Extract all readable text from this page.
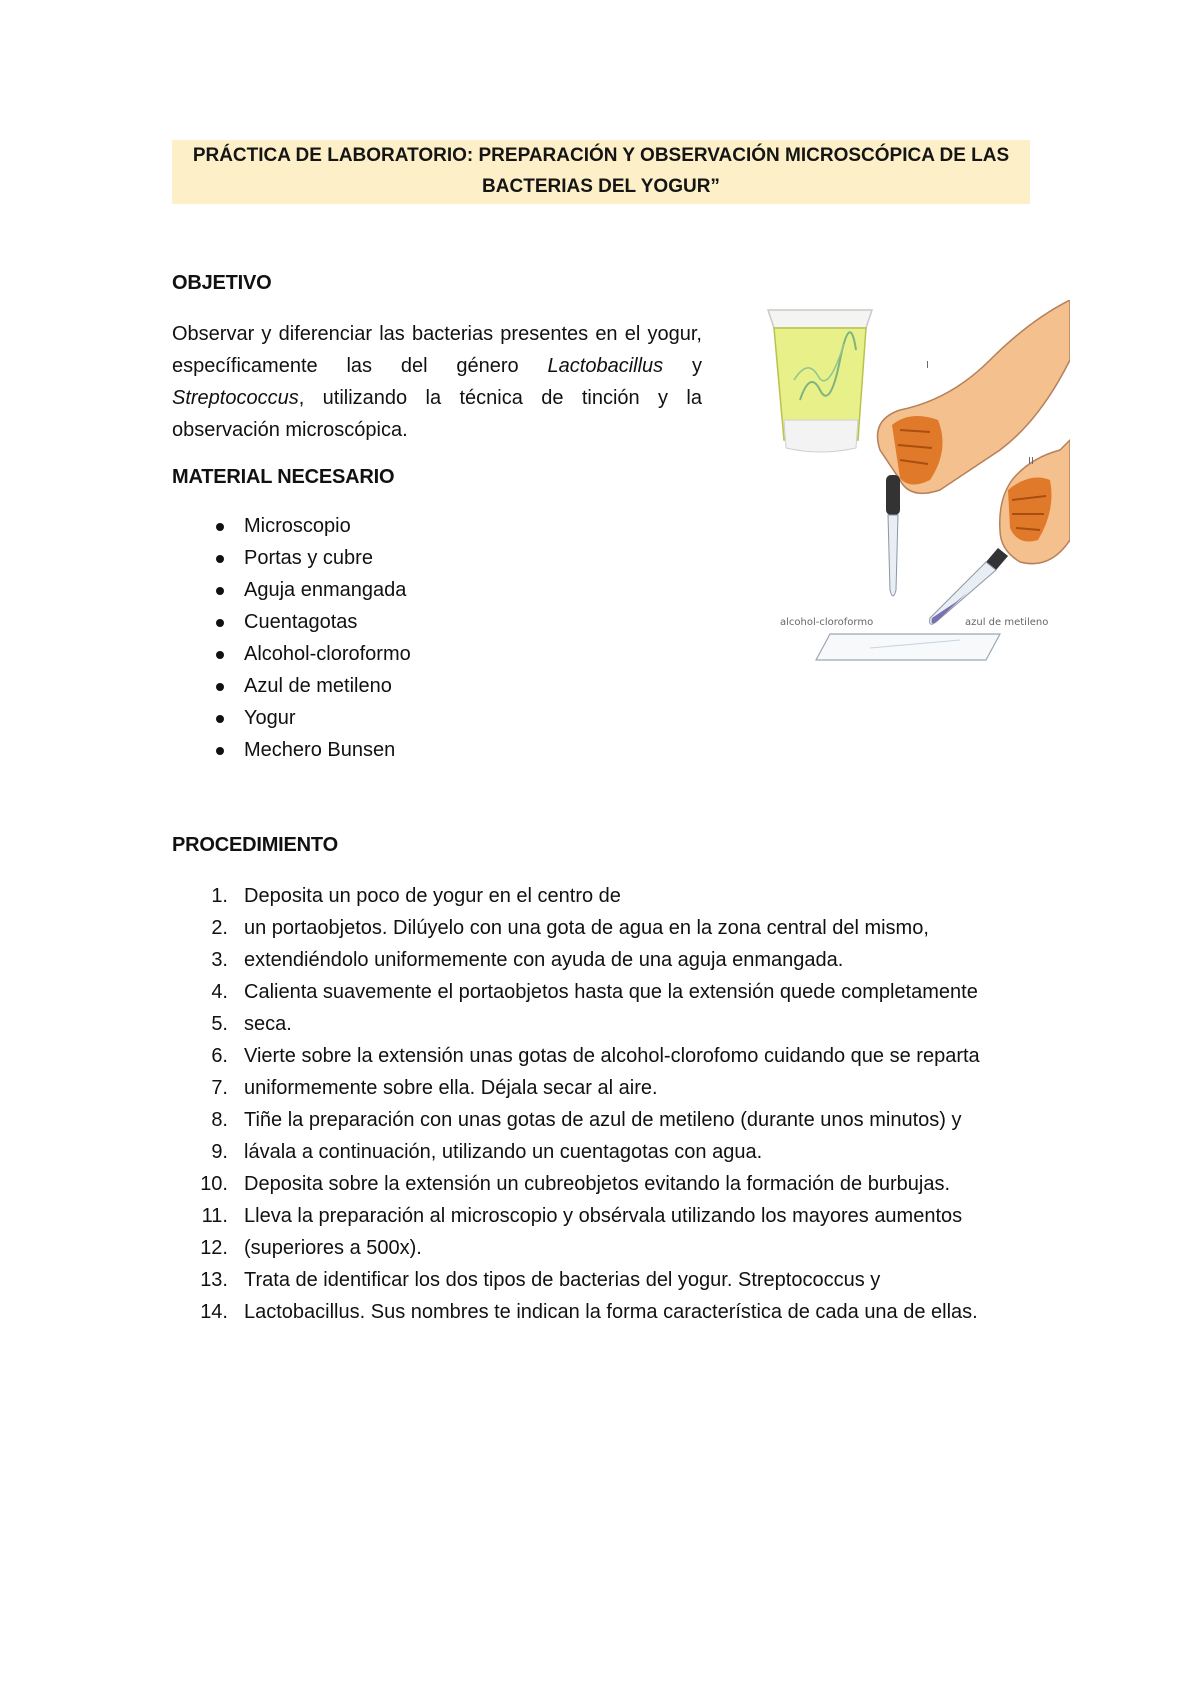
PRÁCTICA DE LABORATORIO: PREPARACIÓN Y OBSERVACIÓN MICROSCÓPICA DE LAS
BACTERIAS DEL YOGUR”
OBJETIVO
Observar y diferenciar las bacterias presentes en el yogur, específicamente las del género Lactobacillus y Streptococcus, utilizando la técnica de tinción y la observación microscópica.
MATERIAL NECESARIO
Microscopio
Portas y cubre
Aguja enmangada
Cuentagotas
Alcohol-cloroformo
Azul de metileno
Yogur
Mechero Bunsen
alcohol-cloroformo	azul de metileno
I
II
PROCEDIMIENTO
1. Deposita un poco de yogur en el centro de
2. un portaobjetos. Dilúyelo con una gota de agua en la zona central del mismo,
3. extendiéndolo uniformemente con ayuda de una aguja enmangada.
4. Calienta suavemente el portaobjetos hasta que la extensión quede completamente
5. seca.
6. Vierte sobre la extensión unas gotas de alcohol-clorofomo cuidando que se reparta
7. uniformemente sobre ella. Déjala secar al aire.
8. Tiñe la preparación con unas gotas de azul de metileno (durante unos minutos) y
9. lávala a continuación, utilizando un cuentagotas con agua.
10. Deposita sobre la extensión un cubreobjetos evitando la formación de burbujas.
11. Lleva la preparación al microscopio y obsérvala utilizando los mayores aumentos
12. (superiores a 500x).
13. Trata de identificar los dos tipos de bacterias del yogur. Streptococcus y
14. Lactobacillus. Sus nombres te indican la forma característica de cada una de ellas.
